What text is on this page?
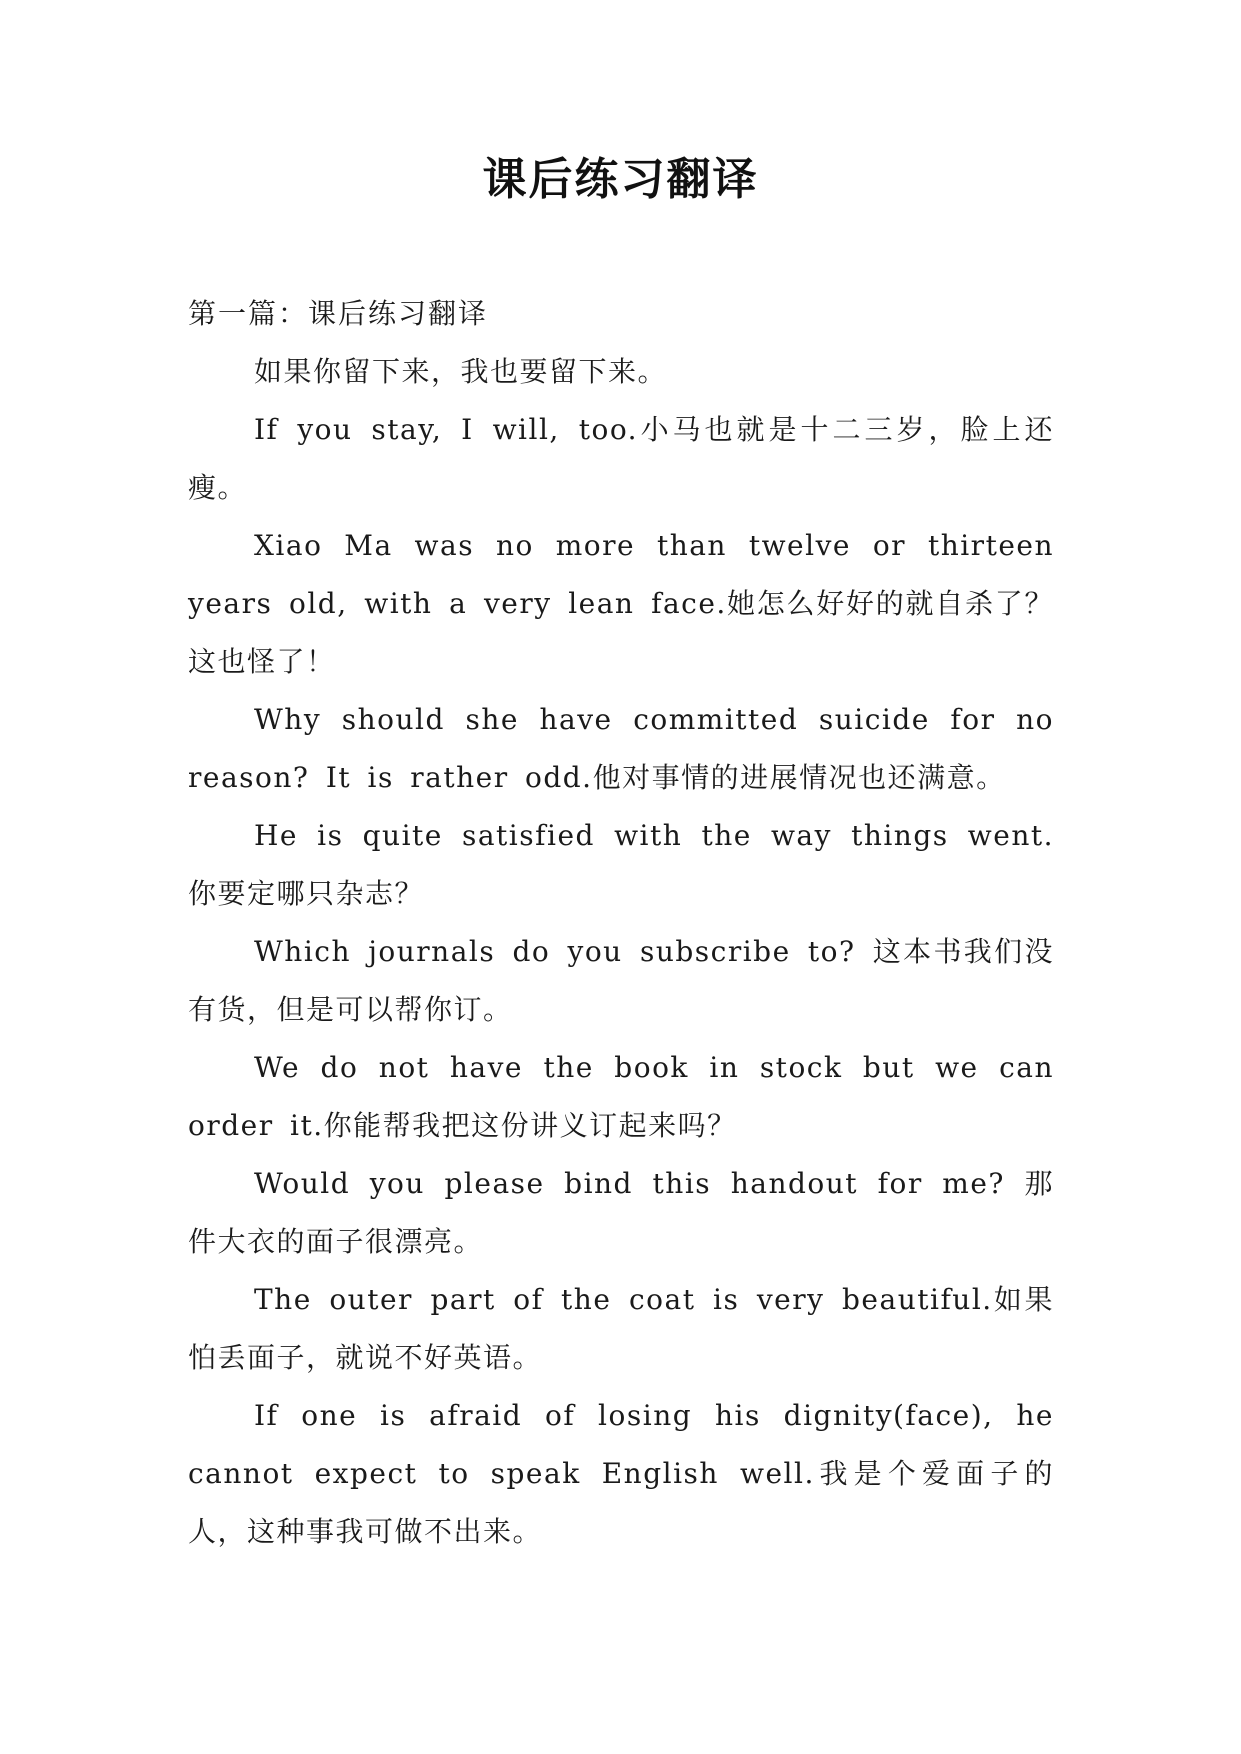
课后练习翻译

第一篇：课后练习翻译

如果你留下来，我也要留下来。

If you stay, I will, too.小马也就是十二三岁，脸上还瘦。

Xiao Ma was no more than twelve or thirteen years old, with a very lean face.她怎么好好的就自杀了？这也怪了！

Why should she have committed suicide for no reason? It is rather odd.他对事情的进展情况也还满意。

He is quite satisfied with the way things went.你要定哪只杂志？

Which journals do you subscribe to? 这本书我们没有货，但是可以帮你订。

We do not have the book in stock but we can order it.你能帮我把这份讲义订起来吗？

Would you please bind this handout for me? 那件大衣的面子很漂亮。

The outer part of the coat is very beautiful.如果怕丢面子，就说不好英语。

If one is afraid of losing his dignity(face), he cannot expect to speak English well.我是个爱面子的人，这种事我可做不出来。
